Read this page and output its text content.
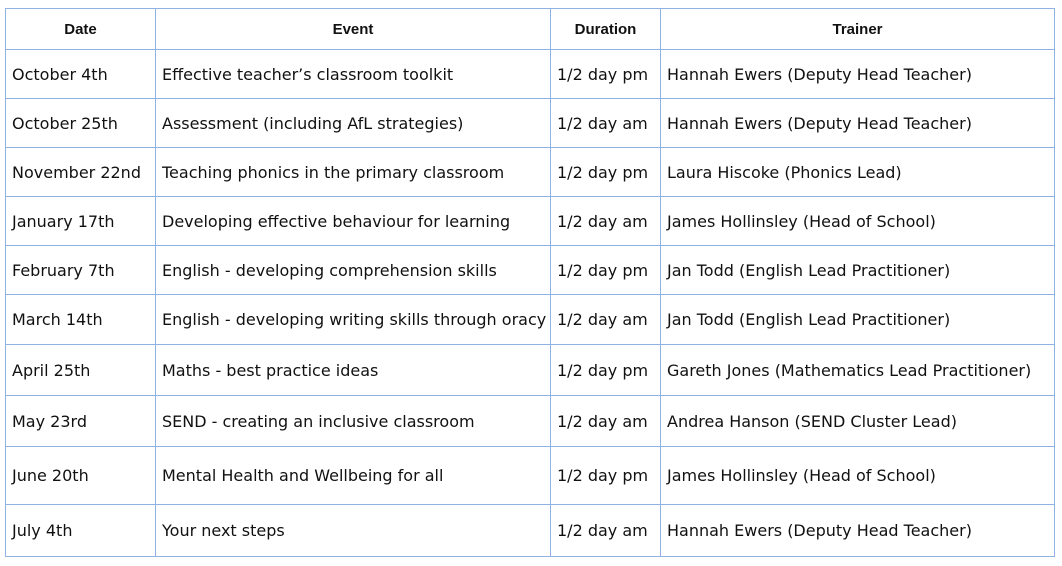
Date	Event	Duration	Trainer
October 4th	Effective teacher’s classroom toolkit	1/2 day pm	Hannah Ewers (Deputy Head Teacher)
October 25th	Assessment (including AfL strategies)	1/2 day am	Hannah Ewers (Deputy Head Teacher)
November 22nd	Teaching phonics in the primary classroom	1/2 day pm	Laura Hiscoke (Phonics Lead)
January 17th	Developing effective behaviour for learning	1/2 day am	James Hollinsley (Head of School)
February 7th	English - developing comprehension skills	1/2 day pm	Jan Todd (English Lead Practitioner)
March 14th	English - developing writing skills through oracy	1/2 day am	Jan Todd (English Lead Practitioner)
April 25th	Maths - best practice ideas	1/2 day pm	Gareth Jones (Mathematics Lead Practitioner)
May 23rd	SEND - creating an inclusive classroom	1/2 day am	Andrea Hanson (SEND Cluster Lead)
June 20th	Mental Health and Wellbeing for all	1/2 day pm	James Hollinsley (Head of School)
July 4th	Your next steps	1/2 day am	Hannah Ewers (Deputy Head Teacher)
